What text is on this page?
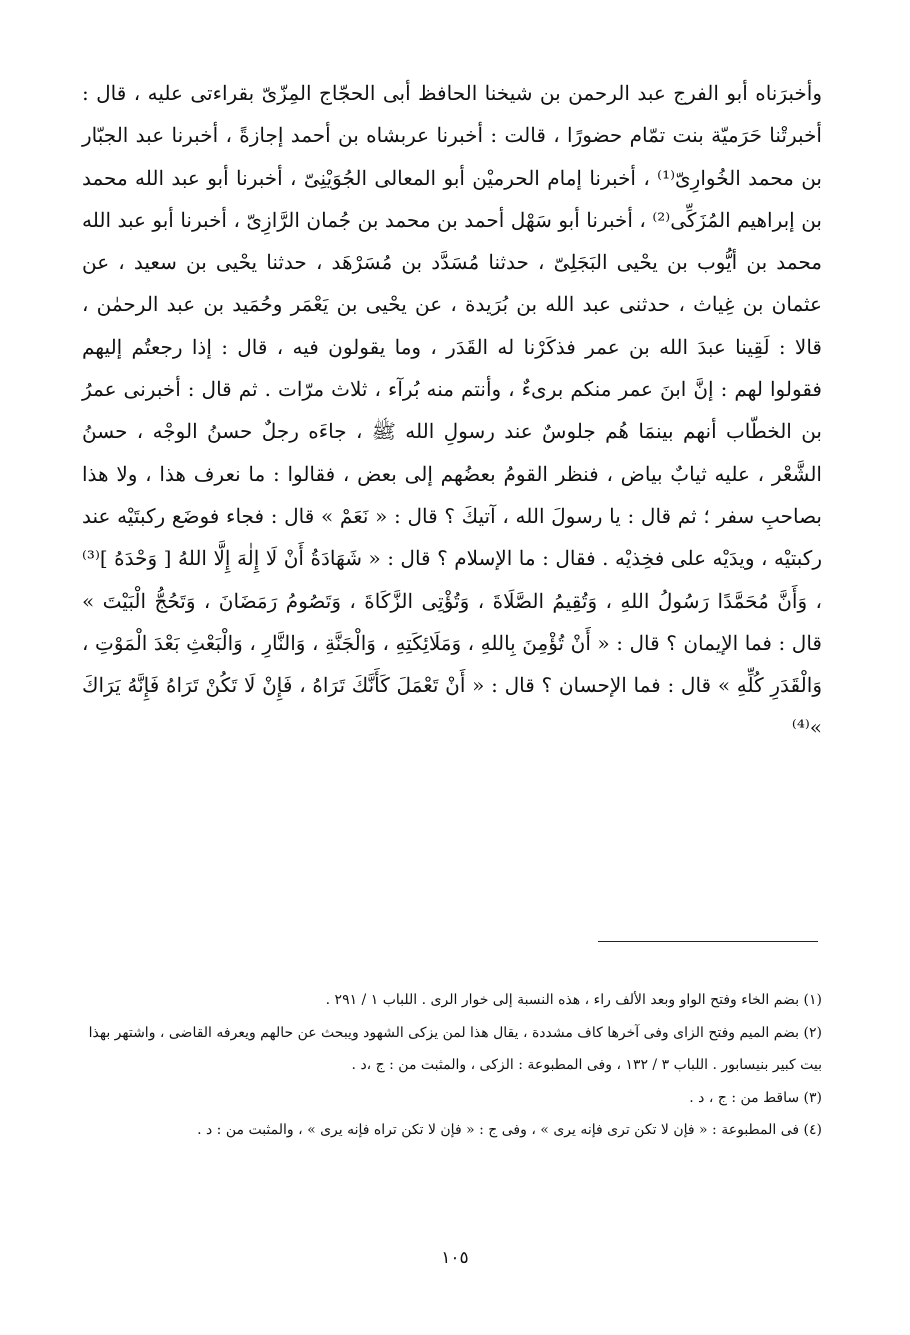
وأخبرَناه أبو الفرج عبد الرحمن بن شيخنا الحافظ أبى الحجّاج المِزّىّ بقراءتى عليه ، قال : أخبرتْنا حَرَميّة بنت تمّام حضورًا ، قالت : أخبرنا عربشاه بن أحمد إجازةً ، أخبرنا عبد الجبّار بن محمد الخُوارِىّ⁽¹⁾ ، أخبرنا إمام الحرميْن أبو المعالى الجُوَيْنِىّ ، أخبرنا أبو عبد الله محمد بن إبراهيم المُزَكِّى⁽²⁾ ، أخبرنا أبو سَهْل أحمد بن محمد بن جُمان الرَّازِىّ ، أخبرنا أبو عبد الله محمد بن أيُّوب بن يحْيى البَجَلِىّ ، حدثنا مُسَدَّد بن مُسَرْهَد ، حدثنا يحْيى بن سعيد ، عن عثمان بن غِياث ، حدثنى عبد الله بن بُرَيدة ، عن يحْيى بن يَعْمَر وحُمَيد بن عبد الرحمٰن ، قالا : لَقِينا عبدَ الله بن عمر فذكَرْنا له القَدَر ، وما يقولون فيه ، قال : إذا رجعتُم إليهم فقولوا لهم : إنَّ ابنَ عمر منكم برىءٌ ، وأنتم منه بُرآء ، ثلاث مرّات . ثم قال : أخبرنى عمرُ بن الخطّاب أنهم بينمَا هُم جلوسٌ عند رسولِ الله ﷺ ، جاءَه رجلٌ حسنُ الوجْه ، حسنُ الشَّعْر ، عليه ثيابٌ بياض ، فنظر القومُ بعضُهم إلى بعض ، فقالوا : ما نعرف هذا ، ولا هذا بصاحبِ سفر ؛ ثم قال : يا رسولَ الله ، آتيكَ ؟ قال : « نَعَمْ » قال : فجاء فوضَع ركبتَيْه عند ركبتيْه ، ويدَيْه على فخِذيْه . فقال : ما الإسلام ؟ قال : « شَهَادَةُ أَنْ لَا إِلٰهَ إِلَّا اللهُ [ وَحْدَهُ ]⁽³⁾ ، وَأَنَّ مُحَمَّدًا رَسُولُ اللهِ ، وَتُقِيمُ الصَّلَاةَ ، وَتُؤْتِى الزَّكَاةَ ، وَتَصُومُ رَمَضَانَ ، وَتَحُجُّ الْبَيْتَ » قال : فما الإيمان ؟ قال : « أَنْ تُؤْمِنَ بِاللهِ ، وَمَلَائِكَتِهِ ، وَالْجَنَّةِ ، وَالنَّارِ ، وَالْبَعْثِ بَعْدَ الْمَوْتِ ، وَالْقَدَرِ كُلِّهِ » قال : فما الإحسان ؟ قال : « أَنْ تَعْمَلَ كَأَنَّكَ تَرَاهُ ، فَإِنْ لَا تَكُنْ تَرَاهُ فَإِنَّهُ يَرَاكَ »⁽⁴⁾

(١) بضم الخاء وفتح الواو وبعد الألف راء ، هذه النسبة إلى خوار الرى . اللباب ١ / ٢٩١ .

(٢) بضم الميم وفتح الزاى وفى آخرها كاف مشددة ، يقال هذا لمن يزكى الشهود ويبحث عن حالهم ويعرفه القاضى ، واشتهر بهذا بيت كبير بنيسابور . اللباب ٣ / ١٣٢ ، وفى المطبوعة : الزكى ، والمثبت من : ج ،د .

(٣) ساقط من : ج ، د .

(٤) فى المطبوعة : « فإن لا تكن ترى فإنه يرى » ، وفى ج : « فإن لا تكن تراه فإنه يرى » ، والمثبت من : د .

١٠٥
